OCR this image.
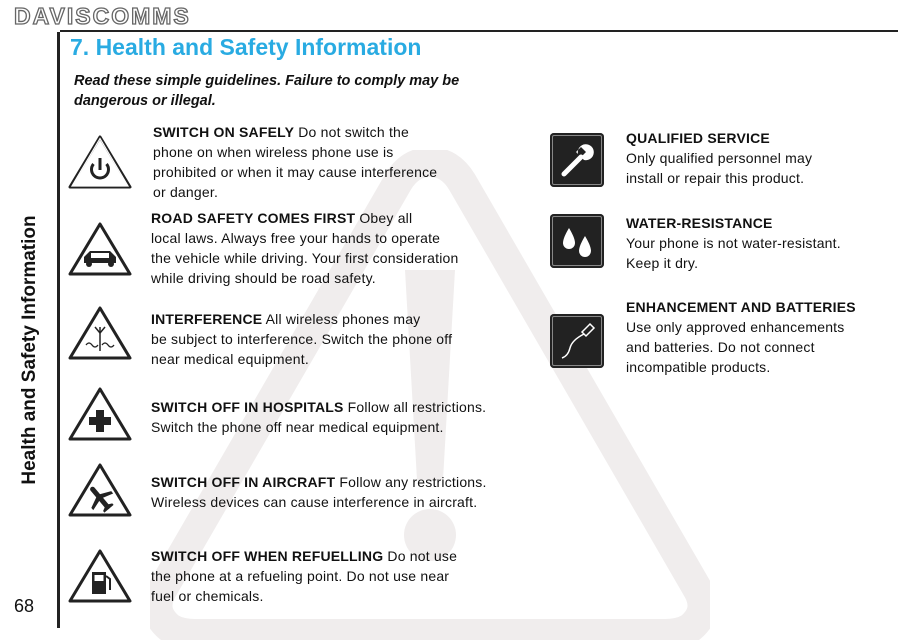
DAVISCOMMS
Health and Safety Information
68
7. Health and Safety Information
Read these simple guidelines. Failure to comply may be dangerous or illegal.
SWITCH ON SAFELY Do not switch the
phone on when wireless phone use is
prohibited or when it may cause interference
or danger.
ROAD SAFETY COMES FIRST Obey all
local laws. Always free your hands to operate
the vehicle while driving. Your first consideration
while driving should be road safety.
INTERFERENCE All wireless phones may
be subject to interference. Switch the phone off
near medical equipment.
SWITCH OFF IN HOSPITALS Follow all restrictions.
Switch the phone off near medical equipment.
SWITCH OFF IN AIRCRAFT Follow any restrictions.
Wireless devices can cause interference in aircraft.
SWITCH OFF WHEN REFUELLING Do not use
the phone at a refueling point. Do not use near
fuel or chemicals.
QUALIFIED SERVICE
Only qualified personnel may
install or repair this product.
WATER-RESISTANCE
Your phone is not water-resistant.
Keep it dry.
ENHANCEMENT AND BATTERIES
Use only approved enhancements
and batteries. Do not connect
incompatible products.
